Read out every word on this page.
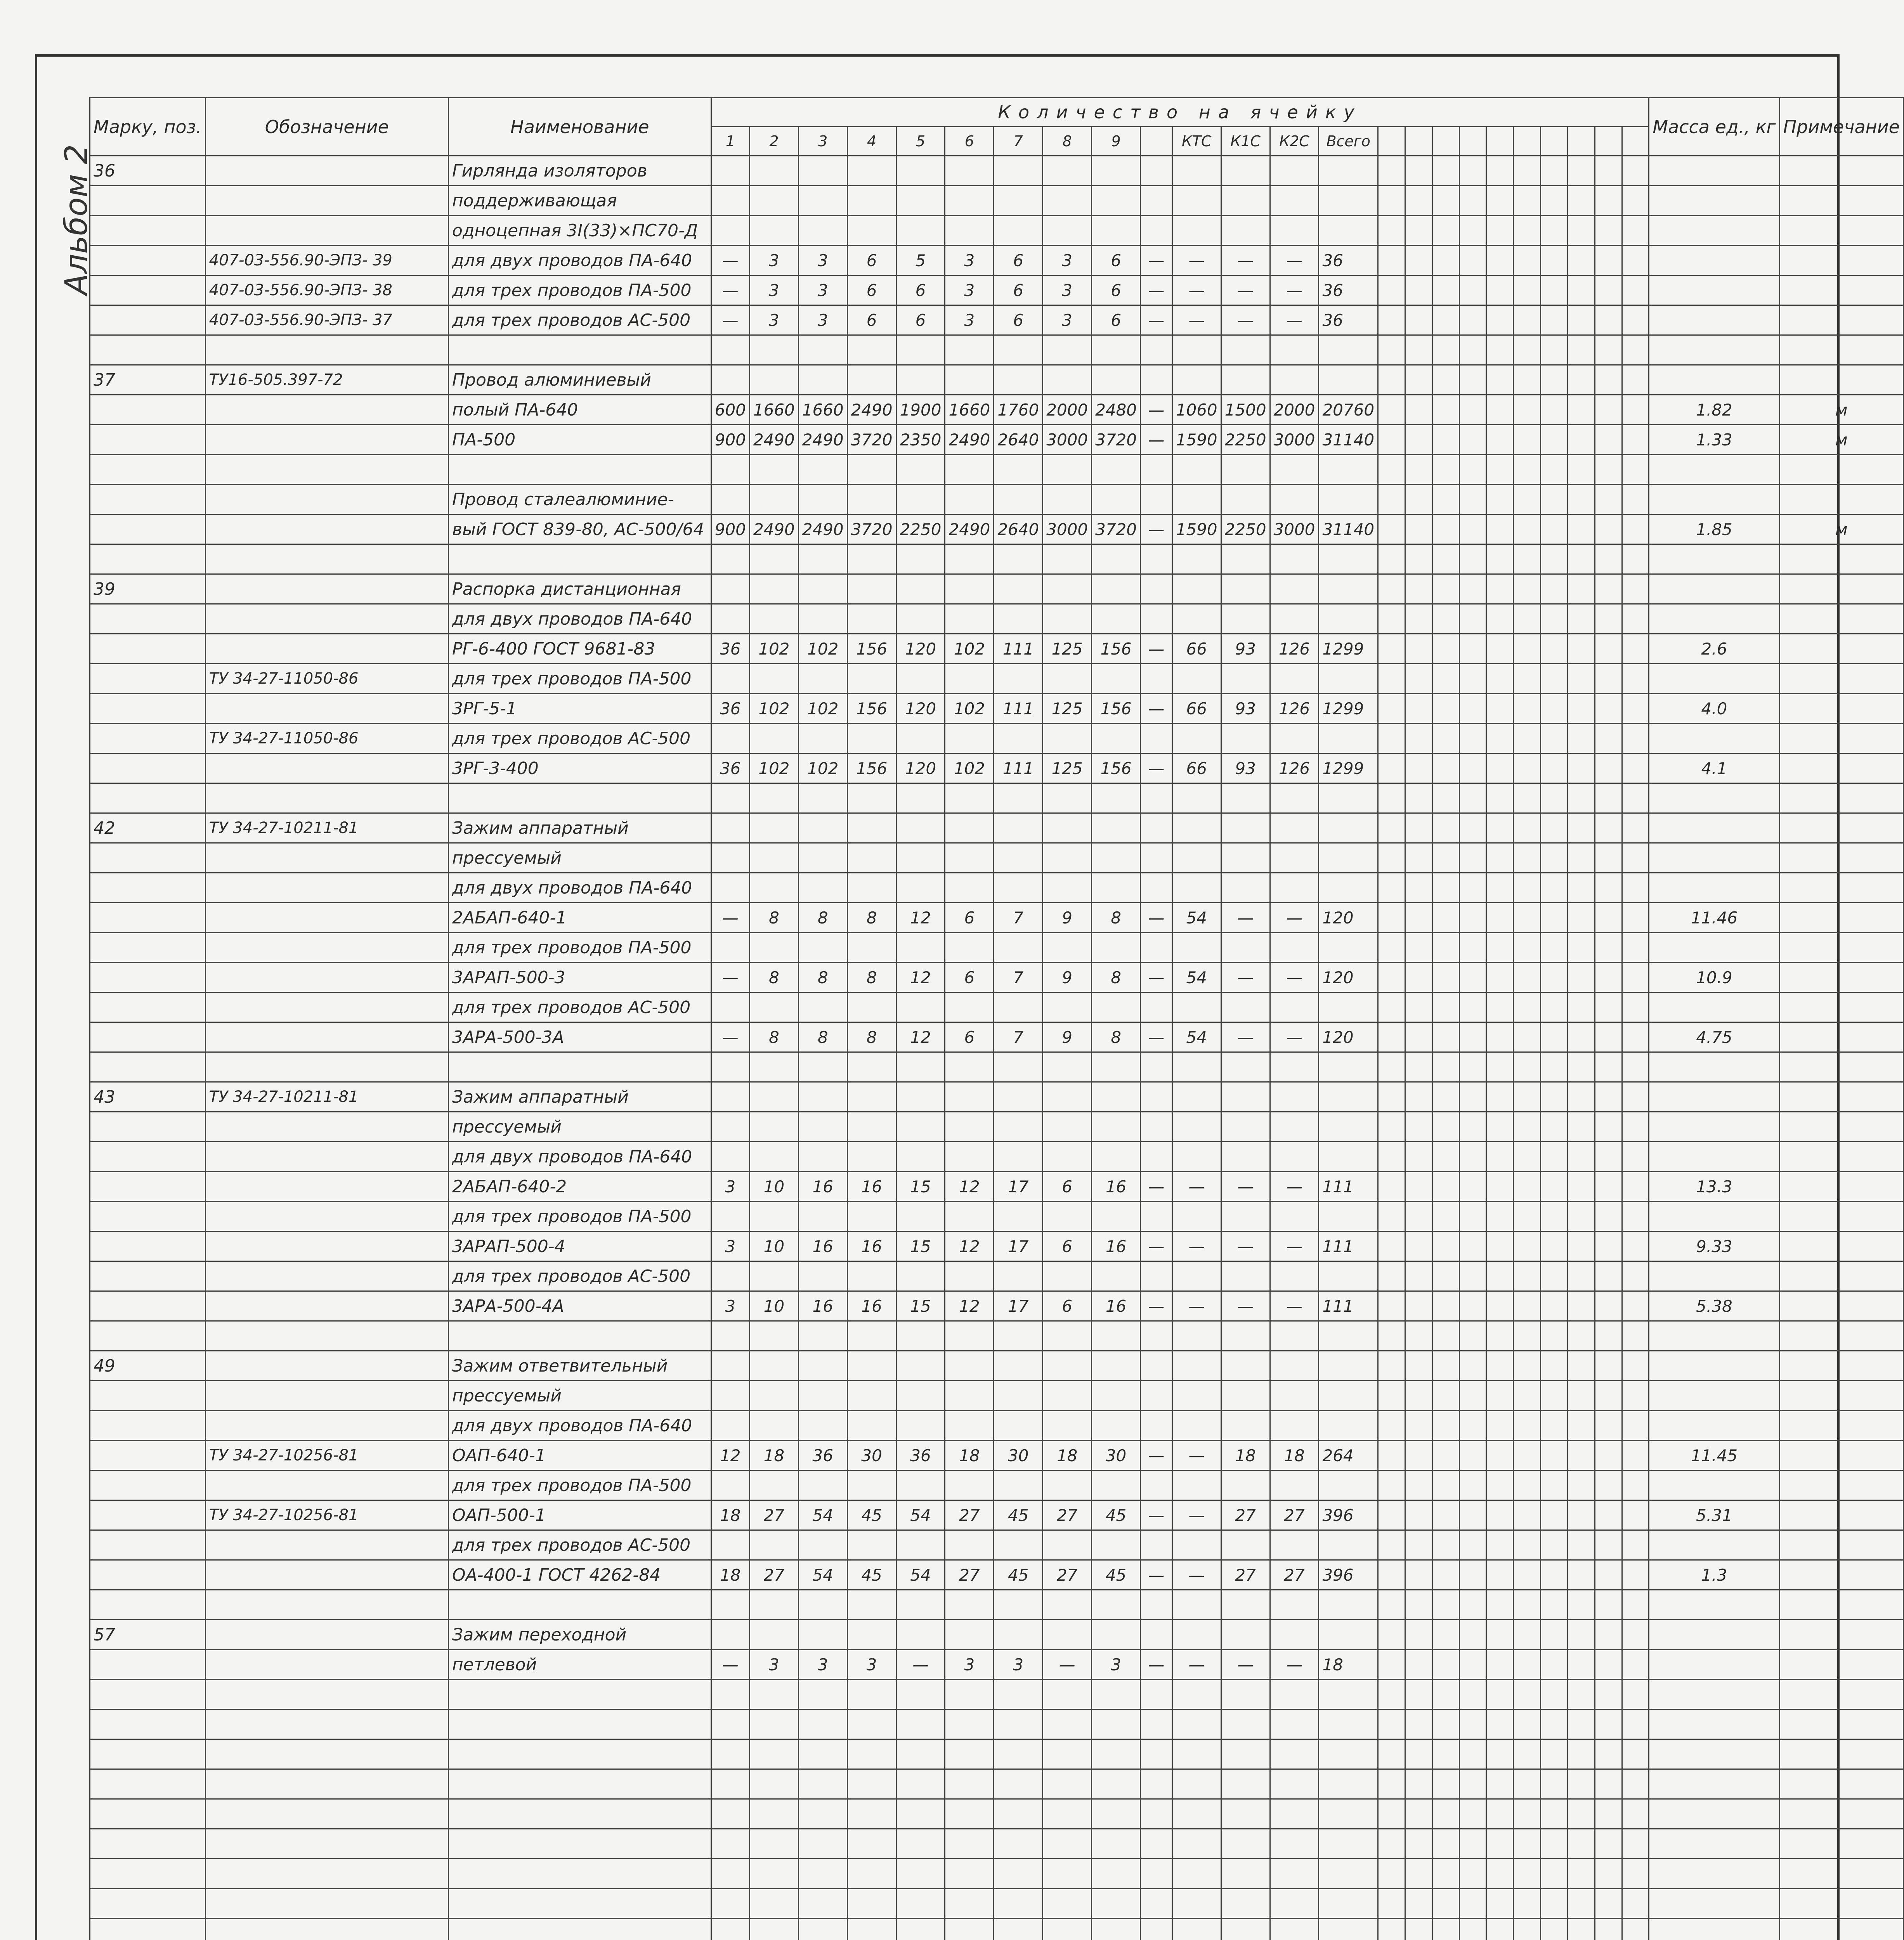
Альбом 2
Марку, поз.	Обозначение	Наименование	Количество на ячейку																								Масса ед., кг	Примечание
			1	2	3	4	5	6	7	8	9		КТС	К1С	К2С	Всего												
36		Гирлянда изоляторов																										
		поддерживающая																										
		одноцепная 3I(33)×ПС70-Д																										
	407-03-556.90-ЭПЗ- 39	для двух проводов ПА-640	—	3	3	6	5	3	6	3	6	—	—	—	—	36												
	407-03-556.90-ЭПЗ- 38	для трех проводов ПА-500	—	3	3	6	6	3	6	3	6	—	—	—	—	36												
	407-03-556.90-ЭПЗ- 37	для трех проводов АС-500	—	3	3	6	6	3	6	3	6	—	—	—	—	36												

37	ТУ16-505.397-72	Провод алюминиевый																										
		полый ПА-640	600	1660	1660	2490	1900	1660	1760	2000	2480	—	1060	1500	2000	20760											1.82	м
		ПА-500	900	2490	2490	3720	2350	2490	2640	3000	3720	—	1590	2250	3000	31140											1.33	м

		Провод сталеалюминие-																										
		вый ГОСТ 839-80, АС-500/64	900	2490	2490	3720	2250	2490	2640	3000	3720	—	1590	2250	3000	31140											1.85	м

39		Распорка дистанционная																										
		для двух проводов ПА-640																										
		РГ-6-400 ГОСТ 9681-83	36	102	102	156	120	102	111	125	156	—	66	93	126	1299											2.6	
	ТУ 34-27-11050-86	для трех проводов ПА-500																										
		3РГ-5-1	36	102	102	156	120	102	111	125	156	—	66	93	126	1299											4.0	
	ТУ 34-27-11050-86	для трех проводов АС-500																										
		3РГ-3-400	36	102	102	156	120	102	111	125	156	—	66	93	126	1299											4.1	

42	ТУ 34-27-10211-81	Зажим аппаратный																										
		прессуемый																										
		для двух проводов ПА-640																										
		2АБАП-640-1	—	8	8	8	12	6	7	9	8	—	54	—	—	120											11.46	
		для трех проводов ПА-500																										
		3АРАП-500-3	—	8	8	8	12	6	7	9	8	—	54	—	—	120											10.9	
		для трех проводов АС-500																										
		3АРА-500-3А	—	8	8	8	12	6	7	9	8	—	54	—	—	120											4.75	

43	ТУ 34-27-10211-81	Зажим аппаратный																										
		прессуемый																										
		для двух проводов ПА-640																										
		2АБАП-640-2	3	10	16	16	15	12	17	6	16	—	—	—	—	111											13.3	
		для трех проводов ПА-500																										
		3АРАП-500-4	3	10	16	16	15	12	17	6	16	—	—	—	—	111											9.33	
		для трех проводов АС-500																										
		3АРА-500-4А	3	10	16	16	15	12	17	6	16	—	—	—	—	111											5.38	

49		Зажим ответвительный																										
		прессуемый																										
		для двух проводов ПА-640																										
	ТУ 34-27-10256-81	ОАП-640-1	12	18	36	30	36	18	30	18	30	—	—	18	18	264											11.45	
		для трех проводов ПА-500																										
	ТУ 34-27-10256-81	ОАП-500-1	18	27	54	45	54	27	45	27	45	—	—	27	27	396											5.31	
		для трех проводов АС-500																										
		ОА-400-1 ГОСТ 4262-84	18	27	54	45	54	27	45	27	45	—	—	27	27	396											1.3	

57		Зажим переходной																										
		петлевой	—	3	3	3	—	3	3	—	3	—	—	—	—	18												
